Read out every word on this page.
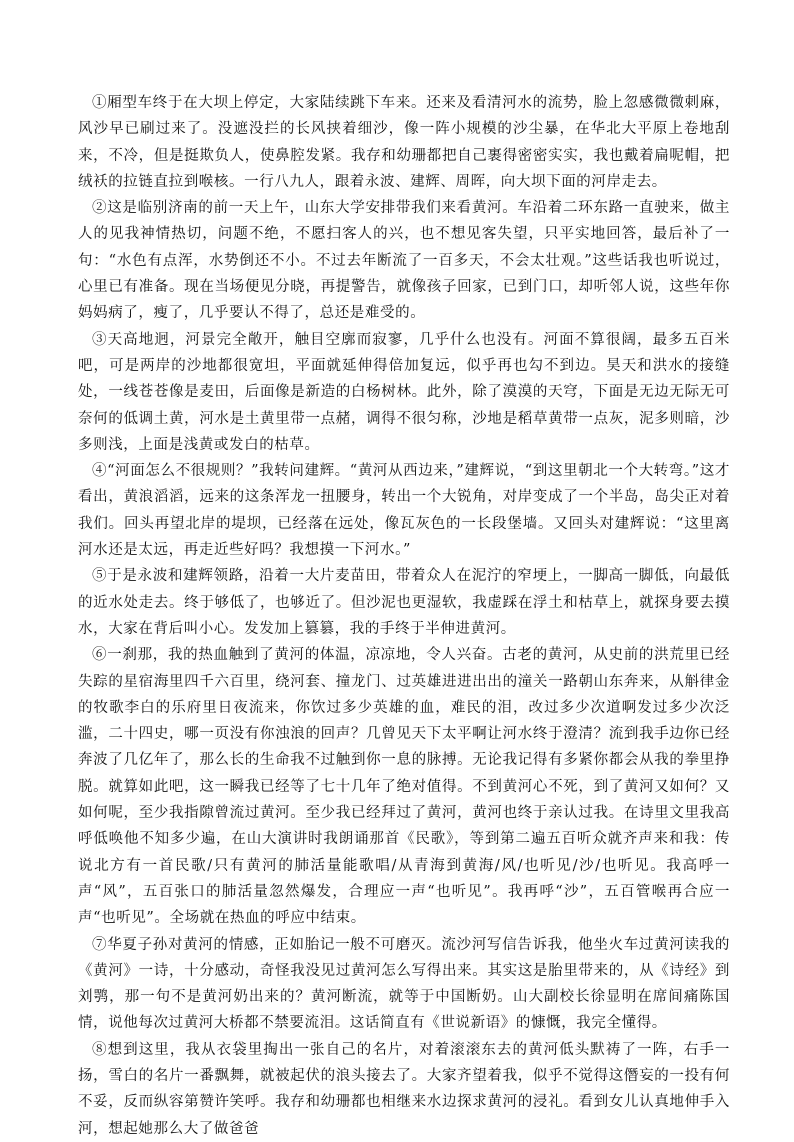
①厢型车终于在大坝上停定，大家陆续跳下车来。还来及看清河水的流势，脸上忽感微微刺麻，风沙早已刷过来了。没遮没拦的长风挟着细沙，像一阵小规模的沙尘暴，在华北大平原上卷地刮来，不冷，但是挺欺负人，使鼻腔发紧。我存和幼珊都把自己裹得密密实实，我也戴着扁呢帽，把绒袄的拉链直拉到喉核。一行八九人，跟着永波、建辉、周晖，向大坝下面的河岸走去。

②这是临别济南的前一天上午，山东大学安排带我们来看黄河。车沿着二环东路一直驶来，做主人的见我神情热切，问题不绝，不愿扫客人的兴，也不想见客失望，只平实地回答，最后补了一句：“水色有点浑，水势倒还不小。不过去年断流了一百多天，不会太壮观。”这些话我也听说过，心里已有准备。现在当场便见分晓，再提警告，就像孩子回家，已到门口，却听邻人说，这些年你妈妈病了，瘦了，几乎要认不得了，总还是难受的。

③天高地迥，河景完全敞开，触目空廓而寂寥，几乎什么也没有。河面不算很阔，最多五百米吧，可是两岸的沙地都很宽坦，平面就延伸得倍加复远，似乎再也勾不到边。昊天和洪水的接缝处，一线苍苍像是麦田，后面像是新造的白杨树林。此外，除了漠漠的天穹，下面是无边无际无可奈何的低调土黄，河水是土黄里带一点赭，调得不很匀称，沙地是稻草黄带一点灰，泥多则暗，沙多则浅，上面是浅黄或发白的枯草。

④“河面怎么不很规则？”我转问建辉。“黄河从西边来，”建辉说，“到这里朝北一个大转弯。”这才看出，黄浪滔滔，远来的这条浑龙一扭腰身，转出一个大锐角，对岸变成了一个半岛，岛尖正对着我们。回头再望北岸的堤坝，已经落在远处，像瓦灰色的一长段堡墙。又回头对建辉说：“这里离河水还是太远，再走近些好吗？我想摸一下河水。”

⑤于是永波和建辉领路，沿着一大片麦苗田，带着众人在泥泞的窄埂上，一脚高一脚低，向最低的近水处走去。终于够低了，也够近了。但沙泥也更湿软，我虚踩在浮土和枯草上，就探身要去摸水，大家在背后叫小心。发发加上篡篡，我的手终于半伸进黄河。

⑥一刹那，我的热血触到了黄河的体温，凉凉地，令人兴奋。古老的黄河，从史前的洪荒里已经失踪的星宿海里四千六百里，绕河套、撞龙门、过英雄进进出出的潼关一路朝山东奔来，从斛律金的牧歌李白的乐府里日夜流来，你饮过多少英雄的血，难民的泪，改过多少次道啊发过多少次泛滥，二十四史，哪一页没有你浊浪的回声？几曾见天下太平啊让河水终于澄清？流到我手边你已经奔波了几亿年了，那么长的生命我不过触到你一息的脉搏。无论我记得有多紧你都会从我的拳里挣脱。就算如此吧，这一瞬我已经等了七十几年了绝对值得。不到黄河心不死，到了黄河又如何？又如何呢，至少我指隙曾流过黄河。至少我已经拜过了黄河，黄河也终于亲认过我。在诗里文里我高呼低唤他不知多少遍，在山大演讲时我朗诵那首《民歌》，等到第二遍五百听众就齐声来和我：传说北方有一首民歌/只有黄河的肺活量能歌唱/从青海到黄海/风/也听见/沙/也听见。我高呼一声“风”，五百张口的肺活量忽然爆发，合理应一声“也听见”。我再呼“沙”，五百管喉再合应一声“也听见”。全场就在热血的呼应中结束。

⑦华夏子孙对黄河的情感，正如胎记一般不可磨灭。流沙河写信告诉我，他坐火车过黄河读我的《黄河》一诗，十分感动，奇怪我没见过黄河怎么写得出来。其实这是胎里带来的，从《诗经》到刘鹗，那一句不是黄河奶出来的？黄河断流，就等于中国断奶。山大副校长徐显明在席间痛陈国情，说他每次过黄河大桥都不禁要流泪。这话简直有《世说新语》的慷慨，我完全懂得。

⑧想到这里，我从衣袋里掏出一张自己的名片，对着滚滚东去的黄河低头默祷了一阵，右手一扬，雪白的名片一番飘舞，就被起伏的浪头接去了。大家齐望着我，似乎不觉得这僭妄的一投有何不妥，反而纵容第赞许笑呼。我存和幼珊都也相继来水边探求黄河的浸礼。看到女儿认真地伸手入河，想起她那么大了做爸爸
